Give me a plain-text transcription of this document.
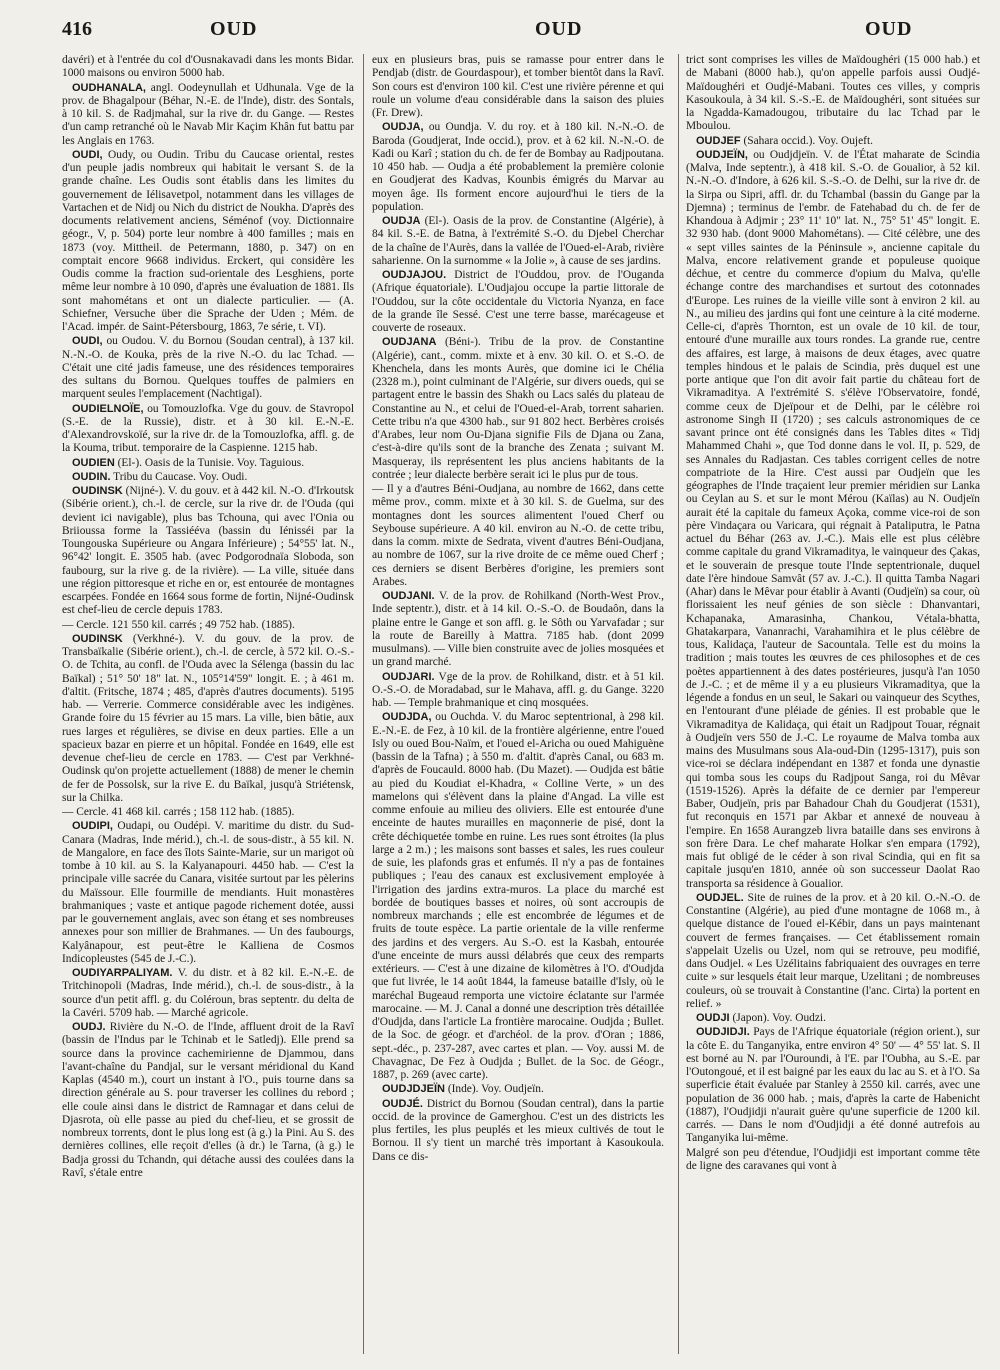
416	OUD	OUD	OUD

davéri) et à l'entrée du col d'Ousnakavadi dans les monts Bidar. 1000 maisons ou environ 5000 hab.

OUDHANALA, angl. Oodeynullah et Udhunala. Vge de la prov. de Bhagalpour (Béhar, N.-E. de l'Inde), distr. des Sontals, à 10 kil. S. de Radjmahal, sur la rive dr. du Gange. — Restes d'un camp retranché où le Navab Mir Kaçim Khân fut battu par les Anglais en 1763.

OUDI, Oudy, ou Oudin. Tribu du Caucase oriental, restes d'un peuple jadis nombreux qui habitait le versant S. de la grande chaîne. Les Oudis sont établis dans les limites du gouvernement de Iélisavetpol, notamment dans les villages de Vartachen et de Nidj ou Nich du district de Noukha. D'après des documents relativement anciens, Séménof (voy. Dictionnaire géogr., V, p. 504) porte leur nombre à 400 familles ; mais en 1873 (voy. Mittheil. de Petermann, 1880, p. 347) on en comptait encore 9668 individus. Erckert, qui considère les Oudis comme la fraction sud-orientale des Lesghiens, porte même leur nombre à 10 090, d'après une évaluation de 1881. Ils sont mahométans et ont un dialecte particulier. — (A. Schiefner, Versuche über die Sprache der Uden ; Mém. de l'Acad. impér. de Saint-Pétersbourg, 1863, 7e série, t. VI).

OUDI, ou Oudou. V. du Bornou (Soudan central), à 137 kil. N.-N.-O. de Kouka, près de la rive N.-O. du lac Tchad. — C'était une cité jadis fameuse, une des résidences temporaires des sultans du Bornou. Quelques touffes de palmiers en marquent seules l'emplacement (Nachtigal).

OUDIELNOÏE, ou Tomouzlofka. Vge du gouv. de Stavropol (S.-E. de la Russie), distr. et à 30 kil. E.-N.-E. d'Alexandrovskoïé, sur la rive dr. de la Tomouzlofka, affl. g. de la Kouma, tribut. temporaire de la Caspienne. 1215 hab.

OUDIEN (El-). Oasis de la Tunisie. Voy. Taguious.

OUDIN. Tribu du Caucase. Voy. Oudi.

OUDINSK (Nijné-). V. du gouv. et à 442 kil. N.-O. d'Irkoutsk (Sibérie orient.), ch.-l. de cercle, sur la rive dr. de l'Ouda (qui devient ici navigable), plus bas Tchouna, qui avec l'Onia ou Briioussa forme la Tassiééva (bassin du Iénisséi par la Toungouska Supérieure ou Angara Inférieure) ; 54°55' lat. N., 96°42' longit. E. 3505 hab. (avec Podgorodnaïa Sloboda, son faubourg, sur la rive g. de la rivière). — La ville, située dans une région pittoresque et riche en or, est entourée de montagnes escarpées. Fondée en 1664 sous forme de fortin, Nijné-Oudinsk est chef-lieu de cercle depuis 1783.

— Cercle. 121 550 kil. carrés ; 49 752 hab. (1885).

OUDINSK (Verkhné-). V. du gouv. de la prov. de Transbaïkalie (Sibérie orient.), ch.-l. de cercle, à 572 kil. O.-S.-O. de Tchita, au confl. de l'Ouda avec la Sélenga (bassin du lac Baïkal) ; 51° 50' 18" lat. N., 105°14'59" longit. E. ; à 461 m. d'altit. (Fritsche, 1874 ; 485, d'après d'autres documents). 5195 hab. — Verrerie. Commerce considérable avec les indigènes. Grande foire du 15 février au 15 mars. La ville, bien bâtie, aux rues larges et régulières, se divise en deux parties. Elle a un spacieux bazar en pierre et un hôpital. Fondée en 1649, elle est devenue chef-lieu de cercle en 1783. — C'est par Verkhné-Oudinsk qu'on projette actuellement (1888) de mener le chemin de fer de Possolsk, sur la rive E. du Baïkal, jusqu'à Striétensk, sur la Chilka.

— Cercle. 41 468 kil. carrés ; 158 112 hab. (1885).

OUDIPI, Oudapi, ou Oudépi. V. maritime du distr. du Sud-Canara (Madras, Inde mérid.), ch.-l. de sous-distr., à 55 kil. N. de Mangalore, en face des îlots Sainte-Marie, sur un marigot où tombe à 10 kil. au S. la Kalyanapouri. 4450 hab. — C'est la principale ville sacrée du Canara, visitée surtout par les pèlerins du Maïssour. Elle fourmille de mendiants. Huit monastères brahmaniques ; vaste et antique pagode richement dotée, aussi par le gouvernement anglais, avec son étang et ses nombreuses annexes pour son millier de Brahmanes. — Un des faubourgs, Kalyânapour, est peut-être le Kalliena de Cosmos Indicopleustes (545 de J.-C.).

OUDIYARPALIYAM. V. du distr. et à 82 kil. E.-N.-E. de Tritchinopoli (Madras, Inde mérid.), ch.-l. de sous-distr., à la source d'un petit affl. g. du Coléroun, bras septentr. du delta de la Cavéri. 5709 hab. — Marché agricole.

OUDJ. Rivière du N.-O. de l'Inde, affluent droit de la Ravî (bassin de l'Indus par le Tchinab et le Satledj). Elle prend sa source dans la province cachemirienne de Djammou, dans l'avant-chaîne du Pandjal, sur le versant méridional du Kand Kaplas (4540 m.), court un instant à l'O., puis tourne dans sa direction générale au S. pour traverser les collines du rebord ; elle coule ainsi dans le district de Ramnagar et dans celui de Djasrota, où elle passe au pied du chef-lieu, et se grossit de nombreux torrents, dont le plus long est (à g.) la Pini. Au S. des dernières collines, elle reçoit d'elles (à dr.) le Tarna, (à g.) le Badja grossi du Tchandn, qui détache aussi des coulées dans la Ravî, s'étale entre

eux en plusieurs bras, puis se ramasse pour entrer dans le Pendjab (distr. de Gourdaspour), et tomber bientôt dans la Ravî. Son cours est d'environ 100 kil. C'est une rivière pérenne et qui roule un volume d'eau considérable dans la saison des pluies (Fr. Drew).

OUDJA, ou Oundja. V. du roy. et à 180 kil. N.-N.-O. de Baroda (Goudjerat, Inde occid.), prov. et à 62 kil. N.-N.-O. de Kadi ou Karî ; station du ch. de fer de Bombay au Radjpoutana. 10 450 hab. — Oudja a été probablement la première colonie en Goudjerat des Kadvas, Kounbis émigrés du Marvar au moyen âge. Ils forment encore aujourd'hui le tiers de la population.

OUDJA (El-). Oasis de la prov. de Constantine (Algérie), à 84 kil. S.-E. de Batna, à l'extrémité S.-O. du Djebel Cherchar de la chaîne de l'Aurès, dans la vallée de l'Oued-el-Arab, rivière saharienne. On la surnomme « la Jolie », à cause de ses jardins.

OUDJAJOU. District de l'Ouddou, prov. de l'Ouganda (Afrique équatoriale). L'Oudjajou occupe la partie littorale de l'Ouddou, sur la côte occidentale du Victoria Nyanza, en face de la grande île Sessé. C'est une terre basse, marécageuse et couverte de roseaux.

OUDJANA (Béni-). Tribu de la prov. de Constantine (Algérie), cant., comm. mixte et à env. 30 kil. O. et S.-O. de Khenchela, dans les monts Aurès, que domine ici le Chélia (2328 m.), point culminant de l'Algérie, sur divers oueds, qui se partagent entre le bassin des Shakh ou Lacs salés du plateau de Constantine au N., et celui de l'Oued-el-Arab, torrent saharien. Cette tribu n'a que 4300 hab., sur 91 802 hect. Berbères croisés d'Arabes, leur nom Ou-Djana signifie Fils de Djana ou Zana, c'est-à-dire qu'ils sont de la branche des Zenata ; suivant M. Masqueray, ils représentent les plus anciens habitants de la contrée ; leur dialecte berbère serait ici le plus pur de tous.

— Il y a d'autres Béni-Oudjana, au nombre de 1662, dans cette même prov., comm. mixte et à 30 kil. S. de Guelma, sur des montagnes dont les sources alimentent l'oued Cherf ou Seybouse supérieure. A 40 kil. environ au N.-O. de cette tribu, dans la comm. mixte de Sedrata, vivent d'autres Béni-Oudjana, au nombre de 1067, sur la rive droite de ce même oued Cherf ; ces derniers se disent Berbères d'origine, les premiers sont Arabes.

OUDJANI. V. de la prov. de Rohilkand (North-West Prov., Inde septentr.), distr. et à 14 kil. O.-S.-O. de Boudaôn, dans la plaine entre le Gange et son affl. g. le Sôth ou Yarvafadar ; sur la route de Bareilly à Mattra. 7185 hab. (dont 2099 musulmans). — Ville bien construite avec de jolies mosquées et un grand marché.

OUDJARI. Vge de la prov. de Rohilkand, distr. et à 51 kil. O.-S.-O. de Moradabad, sur le Mahava, affl. g. du Gange. 3220 hab. — Temple brahmanique et cinq mosquées.

OUDJDA, ou Ouchda. V. du Maroc septentrional, à 298 kil. E.-N.-E. de Fez, à 10 kil. de la frontière algérienne, entre l'oued Isly ou oued Bou-Naïm, et l'oued el-Aricha ou oued Mahiguène (bassin de la Tafna) ; à 550 m. d'altit. d'après Canal, ou 683 m. d'après de Foucauld. 8000 hab. (Du Mazet). — Oudjda est bâtie au pied du Koudiat el-Khadra, « Colline Verte, » un des mamelons qui s'élèvent dans la plaine d'Angad. La ville est comme enfouie au milieu des oliviers. Elle est entourée d'une enceinte de hautes murailles en maçonnerie de pisé, dont la crête déchiquetée tombe en ruine. Les rues sont étroites (la plus large a 2 m.) ; les maisons sont basses et sales, les rues couleur de suie, les plafonds gras et enfumés. Il n'y a pas de fontaines publiques ; l'eau des canaux est exclusivement employée à l'irrigation des jardins extra-muros. La place du marché est bordée de boutiques basses et noires, où sont accroupis de nombreux marchands ; elle est encombrée de légumes et de fruits de toute espèce. La partie orientale de la ville renferme des jardins et des vergers. Au S.-O. est la Kasbah, entourée d'une enceinte de murs aussi délabrés que ceux des remparts extérieurs. — C'est à une dizaine de kilomètres à l'O. d'Oudjda que fut livrée, le 14 août 1844, la fameuse bataille d'Isly, où le maréchal Bugeaud remporta une victoire éclatante sur l'armée marocaine. — M. J. Canal a donné une description très détaillée d'Oudjda, dans l'article La frontière marocaine. Oudjda ; Bullet. de la Soc. de géogr. et d'archéol. de la prov. d'Oran ; 1886, sept.-déc., p. 237-287, avec cartes et plan. — Voy. aussi M. de Chavagnac, De Fez à Oudjda ; Bullet. de la Soc. de Géogr., 1887, p. 269 (avec carte).

OUDJDJEÏN (Inde). Voy. Oudjeïn.

OUDJÉ. District du Bornou (Soudan central), dans la partie occid. de la province de Gamerghou. C'est un des districts les plus fertiles, les plus peuplés et les mieux cultivés de tout le Bornou. Il s'y tient un marché très important à Kasoukoula. Dans ce dis-

trict sont comprises les villes de Maïdoughéri (15 000 hab.) et de Mabani (8000 hab.), qu'on appelle parfois aussi Oudjé-Maïdoughéri et Oudjé-Mabani. Toutes ces villes, y compris Kasoukoula, à 34 kil. S.-S.-E. de Maïdoughéri, sont situées sur la Ngadda-Kamadougou, tributaire du lac Tchad par le Mboulou.

OUDJEF (Sahara occid.). Voy. Oujeft.

OUDJEÏN, ou Oudjdjeïn. V. de l'État maharate de Scindia (Malva, Inde septentr.), à 418 kil. S.-O. de Goualior, à 52 kil. N.-N.-O. d'Indore, à 626 kil. S.-S.-O. de Delhi, sur la rive dr. de la Sirpa ou Sipri, affl. dr. du Tchambal (bassin du Gange par la Djemna) ; terminus de l'embr. de Fatehabad du ch. de fer de Khandoua à Adjmir ; 23° 11' 10" lat. N., 75° 51' 45" longit. E. 32 930 hab. (dont 9000 Mahométans). — Cité célèbre, une des « sept villes saintes de la Péninsule », ancienne capitale du Malva, encore relativement grande et populeuse quoique déchue, et centre du commerce d'opium du Malva, qu'elle échange contre des marchandises et surtout des cotonnades d'Europe. Les ruines de la vieille ville sont à environ 2 kil. au N., au milieu des jardins qui font une ceinture à la cité moderne. Celle-ci, d'après Thornton, est un ovale de 10 kil. de tour, entouré d'une muraille aux tours rondes. La grande rue, centre des affaires, est large, à maisons de deux étages, avec quatre temples hindous et le palais de Scindia, près duquel est une porte antique que l'on dit avoir fait partie du château fort de Vikramaditya. A l'extrémité S. s'élève l'Observatoire, fondé, comme ceux de Djeïpour et de Delhi, par le célèbre roi astronome Singh II (1720) ; ses calculs astronomiques de ce savant prince ont été consignés dans les Tables dites « Tidj Mahammed Chahi », que Tod donne dans le vol. II, p. 529, de ses Annales du Radjastan. Ces tables corrigent celles de notre compatriote de la Hire. C'est aussi par Oudjeïn que les géographes de l'Inde traçaient leur premier méridien sur Lanka ou Ceylan au S. et sur le mont Mérou (Kaïlas) au N. Oudjeïn aurait été la capitale du fameux Açoka, comme vice-roi de son père Vindaçara ou Varicara, qui régnait à Pataliputra, le Patna actuel du Béhar (263 av. J.-C.). Mais elle est plus célèbre comme capitale du grand Vikramaditya, le vainqueur des Çakas, et le souverain de presque toute l'Inde septentrionale, duquel date l'ère hindoue Samvât (57 av. J.-C.). Il quitta Tamba Nagari (Ahar) dans le Mêvar pour établir à Avanti (Oudjeïn) sa cour, où florissaient les neuf génies de son siècle : Dhanvantari, Kchapanaka, Amarasinha, Chankou, Vétala-bhatta, Ghatakarpara, Vananrachi, Varahamihira et le plus célèbre de tous, Kalidaça, l'auteur de Sacountala. Telle est du moins la tradition ; mais toutes les œuvres de ces philosophes et de ces poètes appartiennent à des dates postérieures, jusqu'à l'an 1050 de J.-C. ; et de même il y a eu plusieurs Vikramaditya, que la légende a fondus en un seul, le Sakari ou vainqueur des Scythes, en l'entourant d'une pléiade de génies. Il est probable que le Vikramaditya de Kalidaça, qui était un Radjpout Touar, régnait à Oudjeïn vers 550 de J.-C. Le royaume de Malva tomba aux mains des Musulmans sous Ala-oud-Din (1295-1317), puis son vice-roi se déclara indépendant en 1387 et fonda une dynastie qui tomba sous les coups du Radjpout Sanga, roi du Mêvar (1519-1526). Après la défaite de ce dernier par l'empereur Baber, Oudjeïn, pris par Bahadour Chah du Goudjerat (1531), fut reconquis en 1571 par Akbar et annexé de nouveau à l'empire. En 1658 Aurangzeb livra bataille dans ses environs à son frère Dara. Le chef maharate Holkar s'en empara (1792), mais fut obligé de le céder à son rival Scindia, qui en fit sa capitale jusqu'en 1810, année où son successeur Daolat Rao transporta sa résidence à Goualior.

OUDJEL. Site de ruines de la prov. et à 20 kil. O.-N.-O. de Constantine (Algérie), au pied d'une montagne de 1068 m., à quelque distance de l'oued el-Kébir, dans un pays maintenant couvert de fermes françaises. — Cet établissement romain s'appelait Uzelis ou Uzel, nom qui se retrouve, peu modifié, dans Oudjel. « Les Uzélitains fabriquaient des ouvrages en terre cuite » sur lesquels était leur marque, Uzelitani ; de nombreuses couleurs, où se trouvait à Constantine (l'anc. Cirta) la portent en relief. »

OUDJI (Japon). Voy. Oudzi.

OUDJIDJI. Pays de l'Afrique équatoriale (région orient.), sur la côte E. du Tanganyika, entre environ 4° 50' — 4° 55' lat. S. Il est borné au N. par l'Ouroundi, à l'E. par l'Oubha, au S.-E. par l'Outongoué, et il est baigné par les eaux du lac au S. et à l'O. Sa superficie était évaluée par Stanley à 2550 kil. carrés, avec une population de 36 000 hab. ; mais, d'après la carte de Habenicht (1887), l'Oudjidji n'aurait guère qu'une superficie de 1200 kil. carrés. — Dans le nom d'Oudjidji a été donné autrefois au Tanganyika lui-même.

Malgré son peu d'étendue, l'Oudjidji est important comme tête de ligne des caravanes qui vont à
